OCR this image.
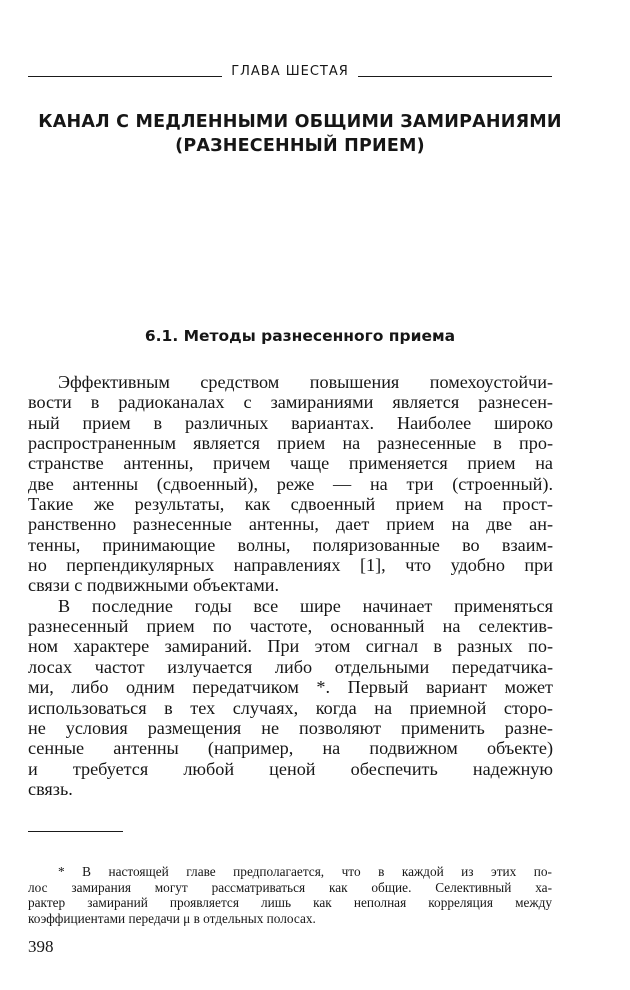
ГЛАВА ШЕСТАЯ
КАНАЛ С МЕДЛЕННЫМИ ОБЩИМИ ЗАМИРАНИЯМИ
(РАЗНЕСЕННЫЙ ПРИЕМ)
6.1. Методы разнесенного приема
Эффективным средством повышения помехоустойчи-
вости в радиоканалах с замираниями является разнесен-
ный прием в различных вариантах. Наиболее широко
распространенным является прием на разнесенные в про-
странстве антенны, причем чаще применяется прием на
две антенны (сдвоенный), реже — на три (строенный).
Такие же результаты, как сдвоенный прием на прост-
ранственно разнесенные антенны, дает прием на две ан-
тенны, принимающие волны, поляризованные во взаим-
но перпендикулярных направлениях [1], что удобно при
связи с подвижными объектами.
В последние годы все шире начинает применяться
разнесенный прием по частоте, основанный на селектив-
ном характере замираний. При этом сигнал в разных по-
лосах частот излучается либо отдельными передатчика-
ми, либо одним передатчиком *. Первый вариант может
использоваться в тех случаях, когда на приемной сторо-
не условия размещения не позволяют применить разне-
сенные антенны (например, на подвижном объекте)
и требуется любой ценой обеспечить надежную
связь.
* В настоящей главе предполагается, что в каждой из этих по-
лос замирания могут рассматриваться как общие. Селективный ха-
рактер замираний проявляется лишь как неполная корреляция между
коэффициентами передачи μ в отдельных полосах.
398
